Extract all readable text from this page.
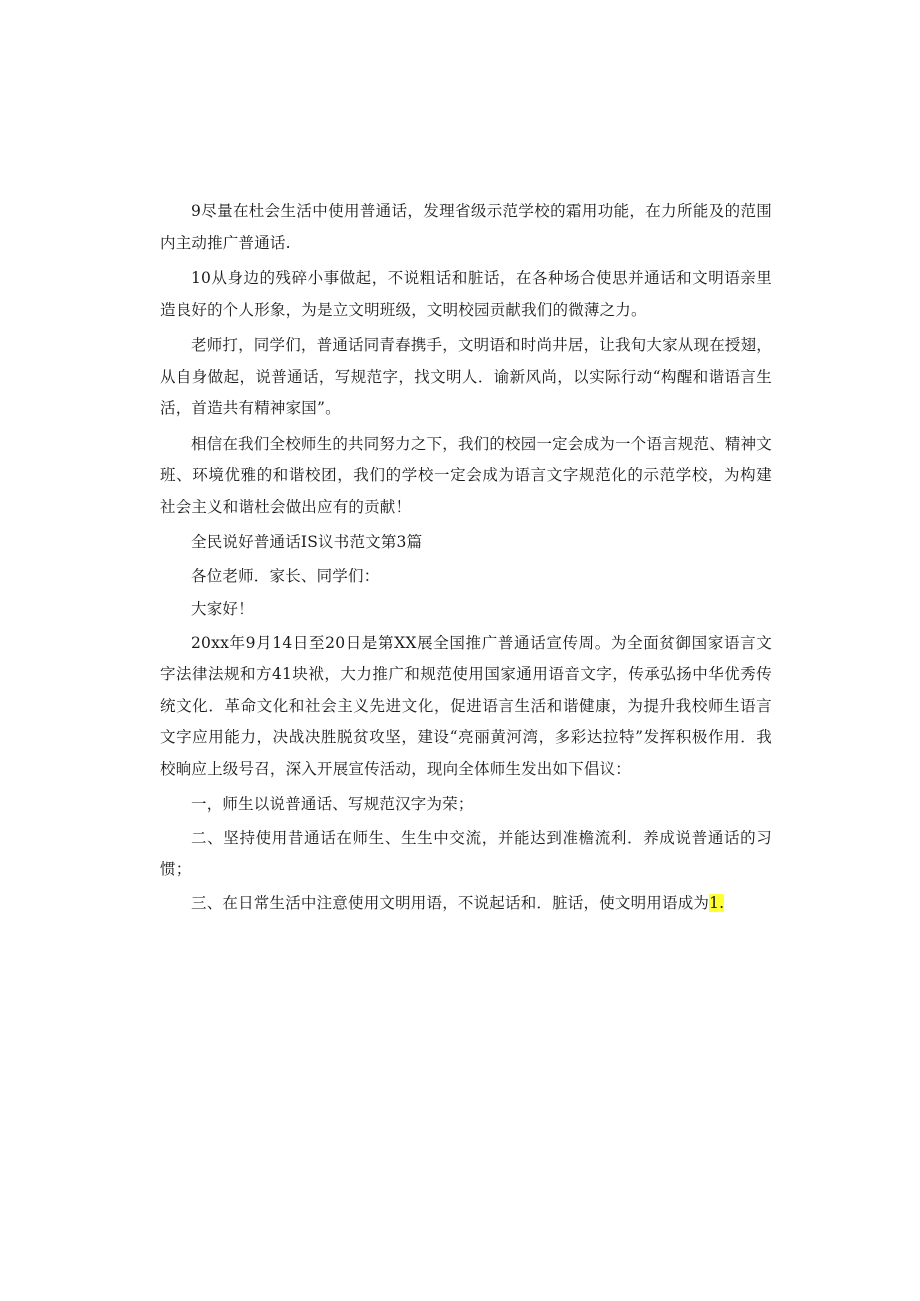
9尽量在杜会生活中使用普通话，发理省级示范学校的霜用功能，在力所能及的范围内主动推广普通话.

10从身边的残碎小事做起，不说粗话和脏话，在各种场合使思并通话和文明语亲里造良好的个人形象，为是立文明班级，文明校园贡献我们的微薄之力。

老师打，同学们，普通话同青春携手，文明语和时尚井居，让我旬大家从现在授翅，从自身做起，说普通话，写规范字，找文明人．谕新风尚，以实际行动“构醒和谐语言生活，首造共有精神家国”。

相信在我们全校师生的共同努力之下，我们的校园一定会成为一个语言规范、精神文班、环境优雅的和谐校团，我们的学校一定会成为语言文字规范化的示范学校，为构建社会主义和谐杜会做出应有的贡献！

全民说好普通话IS议书范文第3篇

各位老师．家长、同学们：

大家好！

20xx年9月14日至20日是第XX展全国推广普通话宣传周。为全面贫御国家语言文字法律法规和方41块袱，大力推广和规范使用国家通用语音文字，传承弘扬中华优秀传统文化．革命文化和社会主义先进文化，促进语言生活和谐健康，为提升我校师生语言文字应用能力，决战决胜脱贫攻坚，建设“亮丽黄河湾，多彩达拉特”发挥积极作用．我校晌应上级号召，深入开展宣传活动，现向全体师生发出如下倡议：

一，师生以说普通话、写规范汉字为荣；

二、坚持使用昔通话在师生、生生中交流，并能达到准檐流利．养成说普通话的习惯；

三、在日常生活中注意使用文明用语，不说起话和．脏话，使文明用语成为1.
